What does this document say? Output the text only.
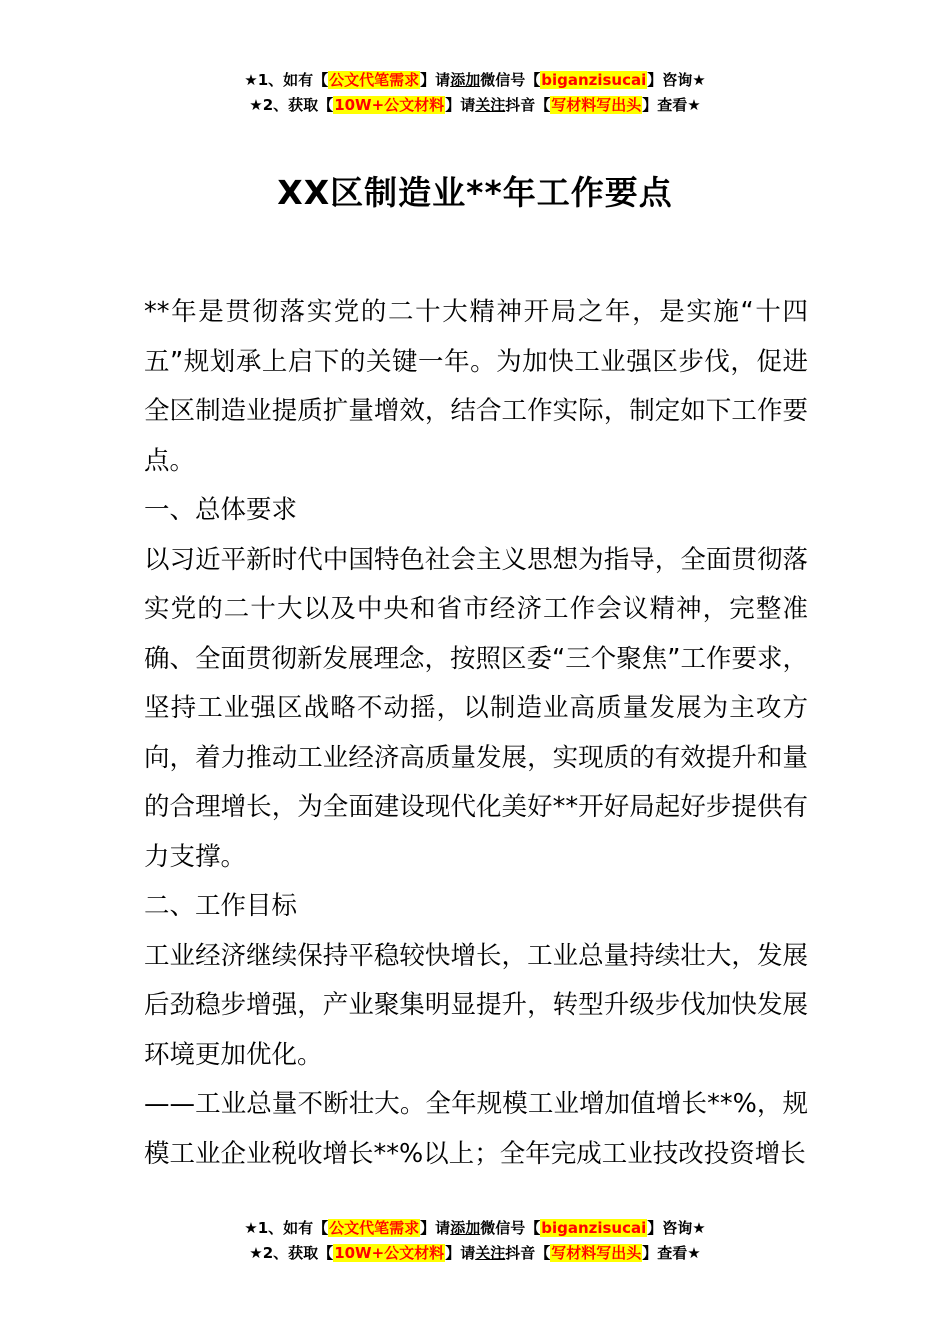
★1、如有【公文代笔需求】请添加微信号【biganzisucai】咨询★
★2、获取【10W+公文材料】请关注抖音【写材料写出头】查看★
XX区制造业**年工作要点

**年是贯彻落实党的二十大精神开局之年，是实施“十四五”规划承上启下的关键一年。为加快工业强区步伐，促进全区制造业提质扩量增效，结合工作实际，制定如下工作要点。

一、总体要求

以习近平新时代中国特色社会主义思想为指导，全面贯彻落实党的二十大以及中央和省市经济工作会议精神，完整准确、全面贯彻新发展理念，按照区委“三个聚焦”工作要求，坚持工业强区战略不动摇，以制造业高质量发展为主攻方向，着力推动工业经济高质量发展，实现质的有效提升和量的合理增长，为全面建设现代化美好**开好局起好步提供有力支撑。

二、工作目标

工业经济继续保持平稳较快增长，工业总量持续壮大，发展后劲稳步增强，产业聚集明显提升，转型升级步伐加快发展环境更加优化。

——工业总量不断壮大。全年规模工业增加值增长**%，规模工业企业税收增长**%以上；全年完成工业技改投资增长

★1、如有【公文代笔需求】请添加微信号【biganzisucai】咨询★
★2、获取【10W+公文材料】请关注抖音【写材料写出头】查看★
